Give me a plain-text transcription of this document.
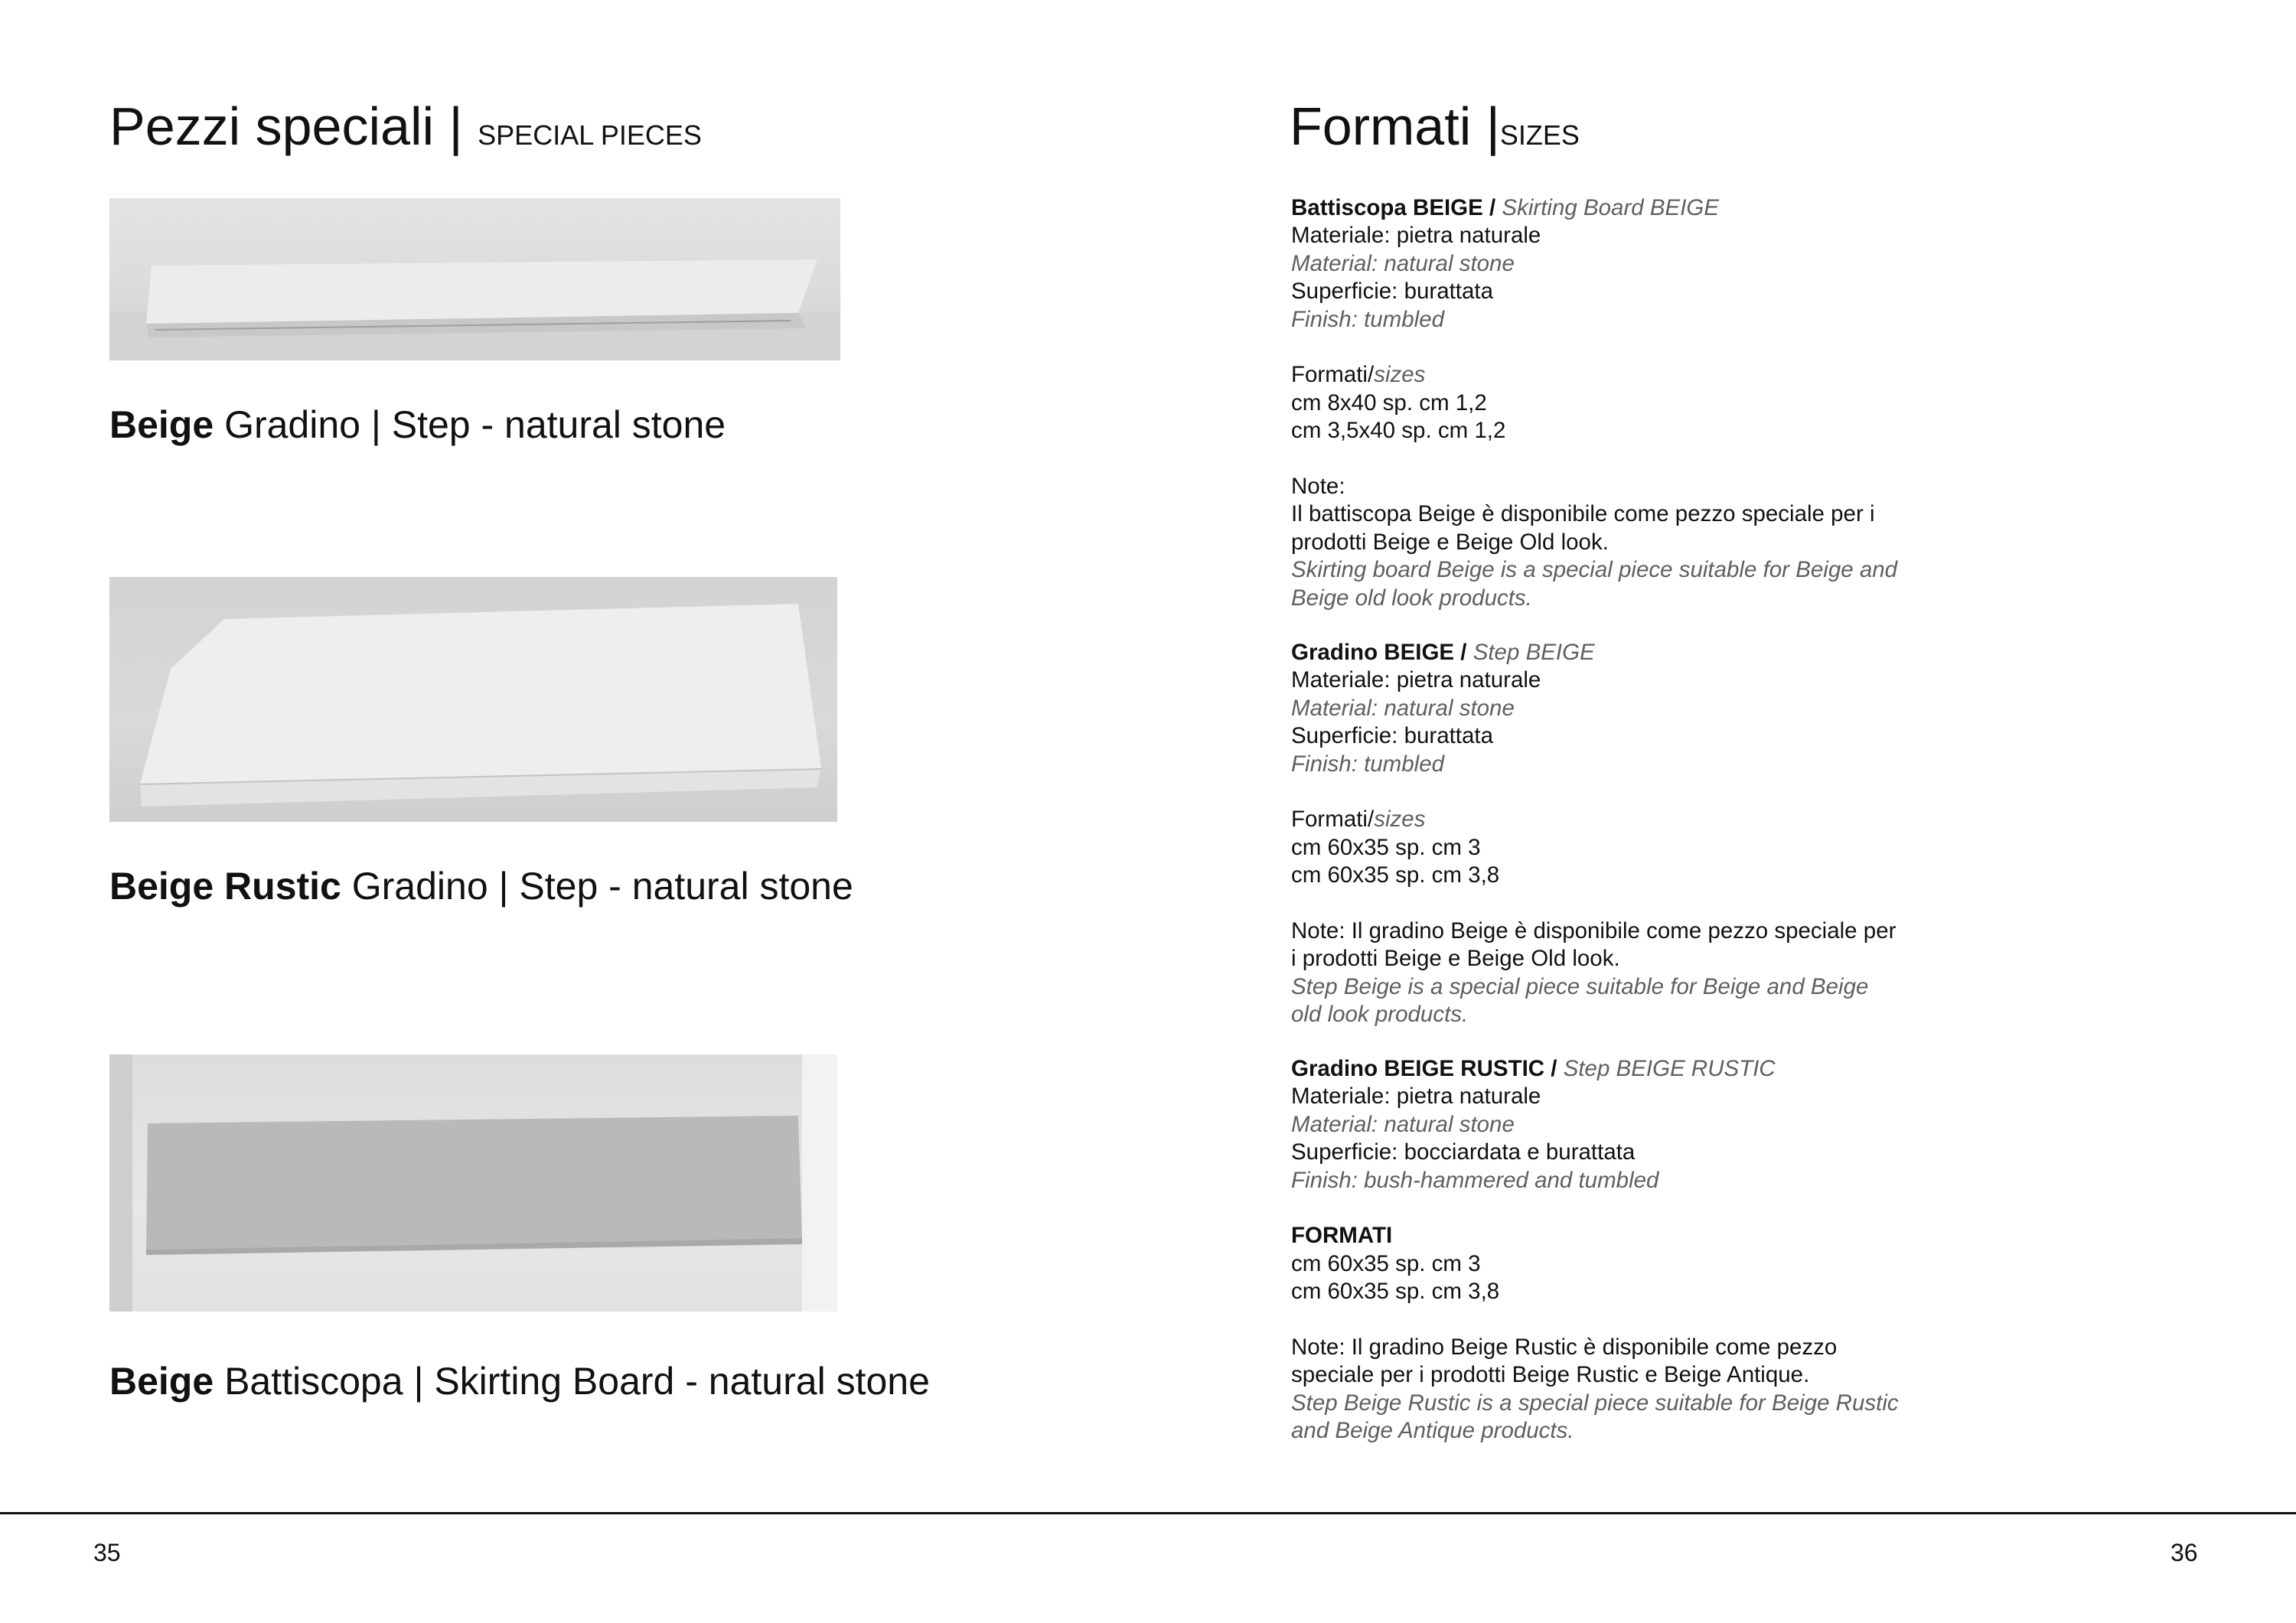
Pezzi speciali | SPECIAL PIECES
Beige Gradino | Step - natural stone
Beige Rustic Gradino | Step - natural stone
Beige Battiscopa | Skirting Board - natural stone
Formati |SIZES

Battiscopa BEIGE / Skirting Board BEIGE

Materiale: pietra naturale

Material: natural stone

Superficie: burattata

Finish: tumbled

Formati/sizes

cm 8x40 sp. cm 1,2

cm 3,5x40 sp. cm 1,2

Note:

Il battiscopa Beige è disponibile come pezzo speciale per i prodotti Beige e Beige Old look.

Skirting board Beige is a special piece suitable for Beige and Beige old look products.

Gradino BEIGE / Step BEIGE

Materiale: pietra naturale

Material: natural stone

Superficie: burattata

Finish: tumbled

Formati/sizes

cm 60x35 sp. cm 3

cm 60x35 sp. cm 3,8

Note: Il gradino Beige è disponibile come pezzo speciale per i prodotti Beige e Beige Old look.

Step Beige is a special piece suitable for Beige and Beige old look products.

Gradino BEIGE RUSTIC / Step BEIGE RUSTIC

Materiale: pietra naturale

Material: natural stone

Superficie: bocciardata e burattata

Finish: bush-hammered and tumbled

FORMATI

cm 60x35 sp. cm 3

cm 60x35 sp. cm 3,8

Note: Il gradino Beige Rustic è disponibile come pezzo speciale per i prodotti Beige Rustic e Beige Antique.

Step Beige Rustic is a special piece suitable for Beige Rustic and Beige Antique products.

35	36
